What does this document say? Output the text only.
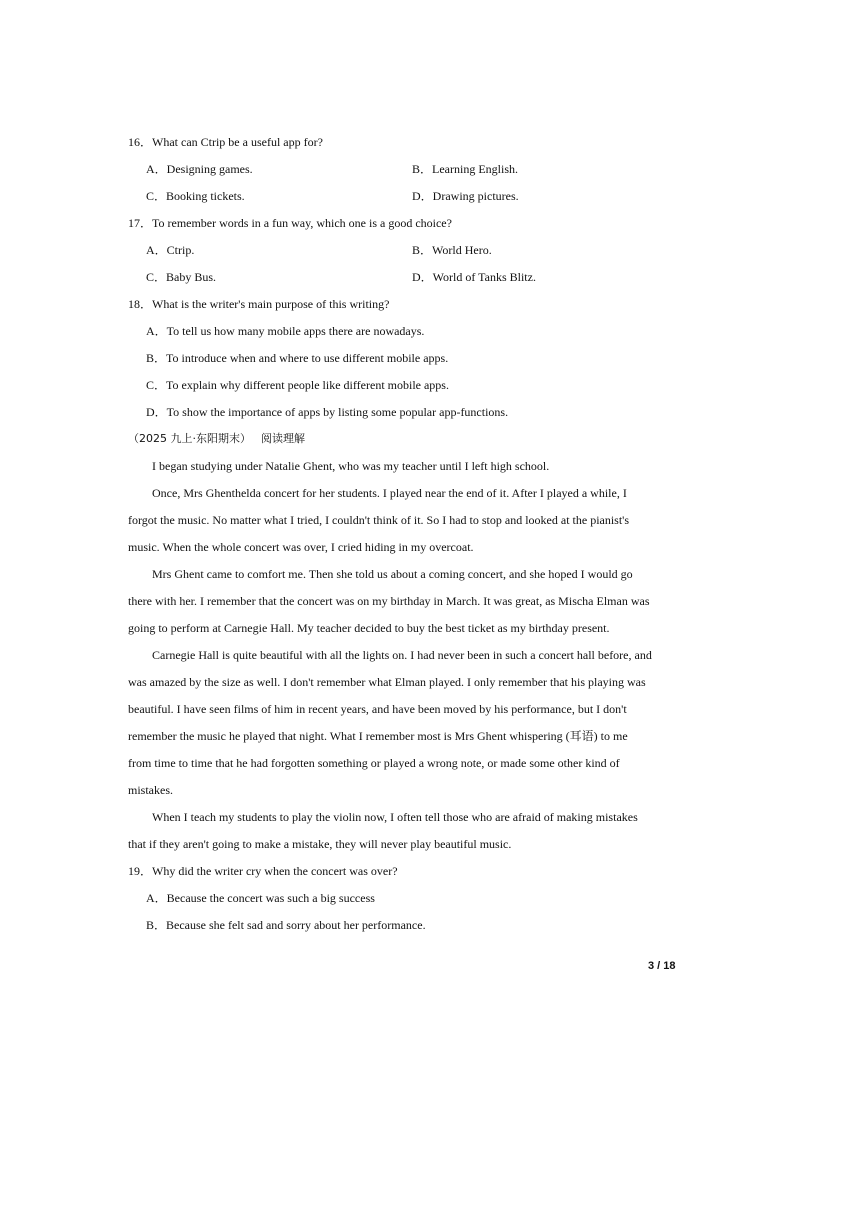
16．What can Ctrip be a useful app for?
A．Designing games.	B．Learning English.
C．Booking tickets.	D．Drawing pictures.
17．To remember words in a fun way, which one is a good choice?
A．Ctrip.	B．World Hero.
C．Baby Bus.	D．World of Tanks Blitz.
18．What is the writer's main purpose of this writing?
A．To tell us how many mobile apps there are nowadays.
B．To introduce when and where to use different mobile apps.
C．To explain why different people like different mobile apps.
D．To show the importance of apps by listing some popular app-functions.
（2025 九上·东阳期末） 阅读理解
I began studying under Natalie Ghent, who was my teacher until I left high school.
Once, Mrs Ghenthelda concert for her students. I played near the end of it. After I played a while, I
forgot the music. No matter what I tried, I couldn't think of it. So I had to stop and looked at the pianist's
music. When the whole concert was over, I cried hiding in my overcoat.
Mrs Ghent came to comfort me. Then she told us about a coming concert, and she hoped I would go
there with her. I remember that the concert was on my birthday in March. It was great, as Mischa Elman was
going to perform at Carnegie Hall. My teacher decided to buy the best ticket as my birthday present.
Carnegie Hall is quite beautiful with all the lights on. I had never been in such a concert hall before, and
was amazed by the size as well. I don't remember what Elman played. I only remember that his playing was
beautiful. I have seen films of him in recent years, and have been moved by his performance, but I don't
remember the music he played that night. What I remember most is Mrs Ghent whispering (耳语) to me
from time to time that he had forgotten something or played a wrong note, or made some other kind of
mistakes.
When I teach my students to play the violin now, I often tell those who are afraid of making mistakes
that if they aren't going to make a mistake, they will never play beautiful music.
19．Why did the writer cry when the concert was over?
A．Because the concert was such a big success
B．Because she felt sad and sorry about her performance.
3 / 18
